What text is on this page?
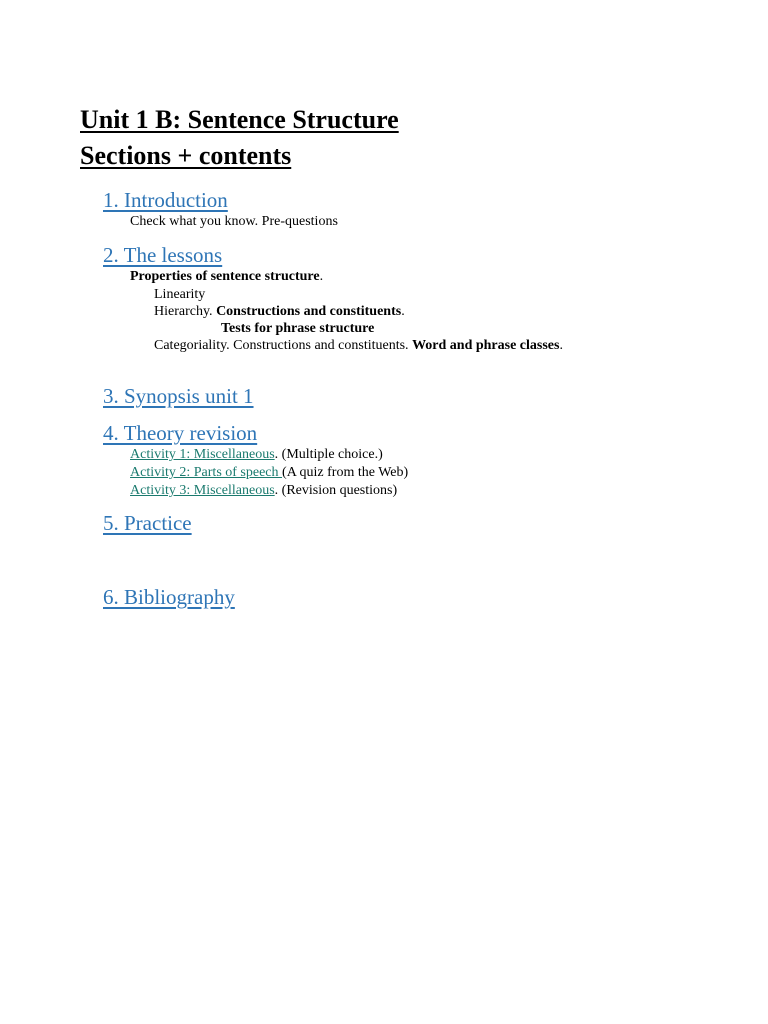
Unit 1 B: Sentence Structure
Sections + contents
1. Introduction
Check what you know. Pre-questions
2. The lessons
Properties of sentence structure.
Linearity
Hierarchy. Constructions and constituents.
Tests for phrase structure
Categoriality. Constructions and constituents. Word and phrase classes.
3. Synopsis unit 1
4. Theory revision
Activity 1: Miscellaneous. (Multiple choice.)
Activity 2: Parts of speech (A quiz from the Web)
Activity 3: Miscellaneous. (Revision questions)
5. Practice
6. Bibliography
